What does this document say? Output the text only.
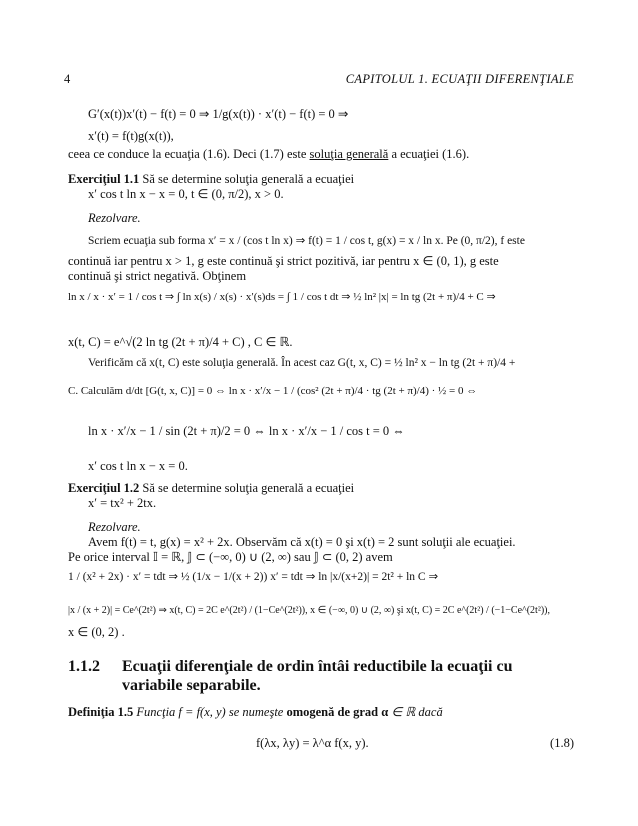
4	CAPITOLUL 1. ECUAŢII DIFERENŢIALE
G′(x(t))x′(t) − f(t) = 0 ⇒ 1/g(x(t)) · x′(t) − f(t) = 0 ⇒
x′(t) = f(t)g(x(t)),
ceea ce conduce la ecuaţia (1.6). Deci (1.7) este soluţia generală a ecuaţiei (1.6).
Exerciţiul 1.1 Să se determine soluţia generală a ecuaţiei
x′ cos t ln x − x = 0, t ∈ (0, π/2), x > 0.
Rezolvare.
Scriem ecuaţia sub forma x′ = x / (cos t ln x) ⇒ f(t) = 1 / cos t, g(x) = x / ln x. Pe (0, π/2), f este
continuă iar pentru x > 1, g este continuă şi strict pozitivă, iar pentru x ∈ (0, 1), g este
continuă şi strict negativă. Obţinem
ln x / x · x′ = 1 / cos t ⇒ ∫ ln x(s) / x(s) · x′(s)ds = ∫ 1 / cos t dt ⇒ ½ ln² |x| = ln tg (2t + π)/4 + C ⇒
x(t, C) = e^√(2 ln tg (2t + π)/4 + C) , C ∈ ℝ.
Verificăm că x(t, C) este soluţia generală. În acest caz G(t, x, C) = ½ ln² x − ln tg (2t + π)/4 +
C. Calculăm d/dt [G(t, x, C)] = 0 ⇔ ln x · x′/x − 1 / (cos² (2t + π)/4 · tg (2t + π)/4) · ½ = 0 ⇔
ln x · x′/x − 1 / sin (2t + π)/2 = 0 ⇔ ln x · x′/x − 1 / cos t = 0 ⇔
x′ cos t ln x − x = 0.
Exerciţiul 1.2 Să se determine soluţia generală a ecuaţiei
x′ = tx² + 2tx.
Rezolvare.
Avem f(t) = t, g(x) = x² + 2x. Observăm că x(t) = 0 şi x(t) = 2 sunt soluţii ale ecuaţiei.
Pe orice interval 𝕀 = ℝ, 𝕁 ⊂ (−∞, 0) ∪ (2, ∞) sau 𝕁 ⊂ (0, 2) avem
1 / (x² + 2x) · x′ = tdt ⇒ ½ (1/x − 1/(x + 2)) x′ = tdt ⇒ ln |x/(x+2)| = 2t² + ln C ⇒
|x / (x + 2)| = Ce^(2t²) ⇒ x(t, C) = 2C e^(2t²) / (1−Ce^(2t²)), x ∈ (−∞, 0) ∪ (2, ∞) şi x(t, C) = 2C e^(2t²) / (−1−Ce^(2t²)),
x ∈ (0, 2) .
1.1.2 Ecuaţii diferenţiale de ordin întâi reductibile la ecuaţii cu variabile separabile.
Definiţia 1.5 Funcţia f = f(x, y) se numeşte omogenă de grad α ∈ ℝ dacă
f(λx, λy) = λ^α f(x, y).	(1.8)
